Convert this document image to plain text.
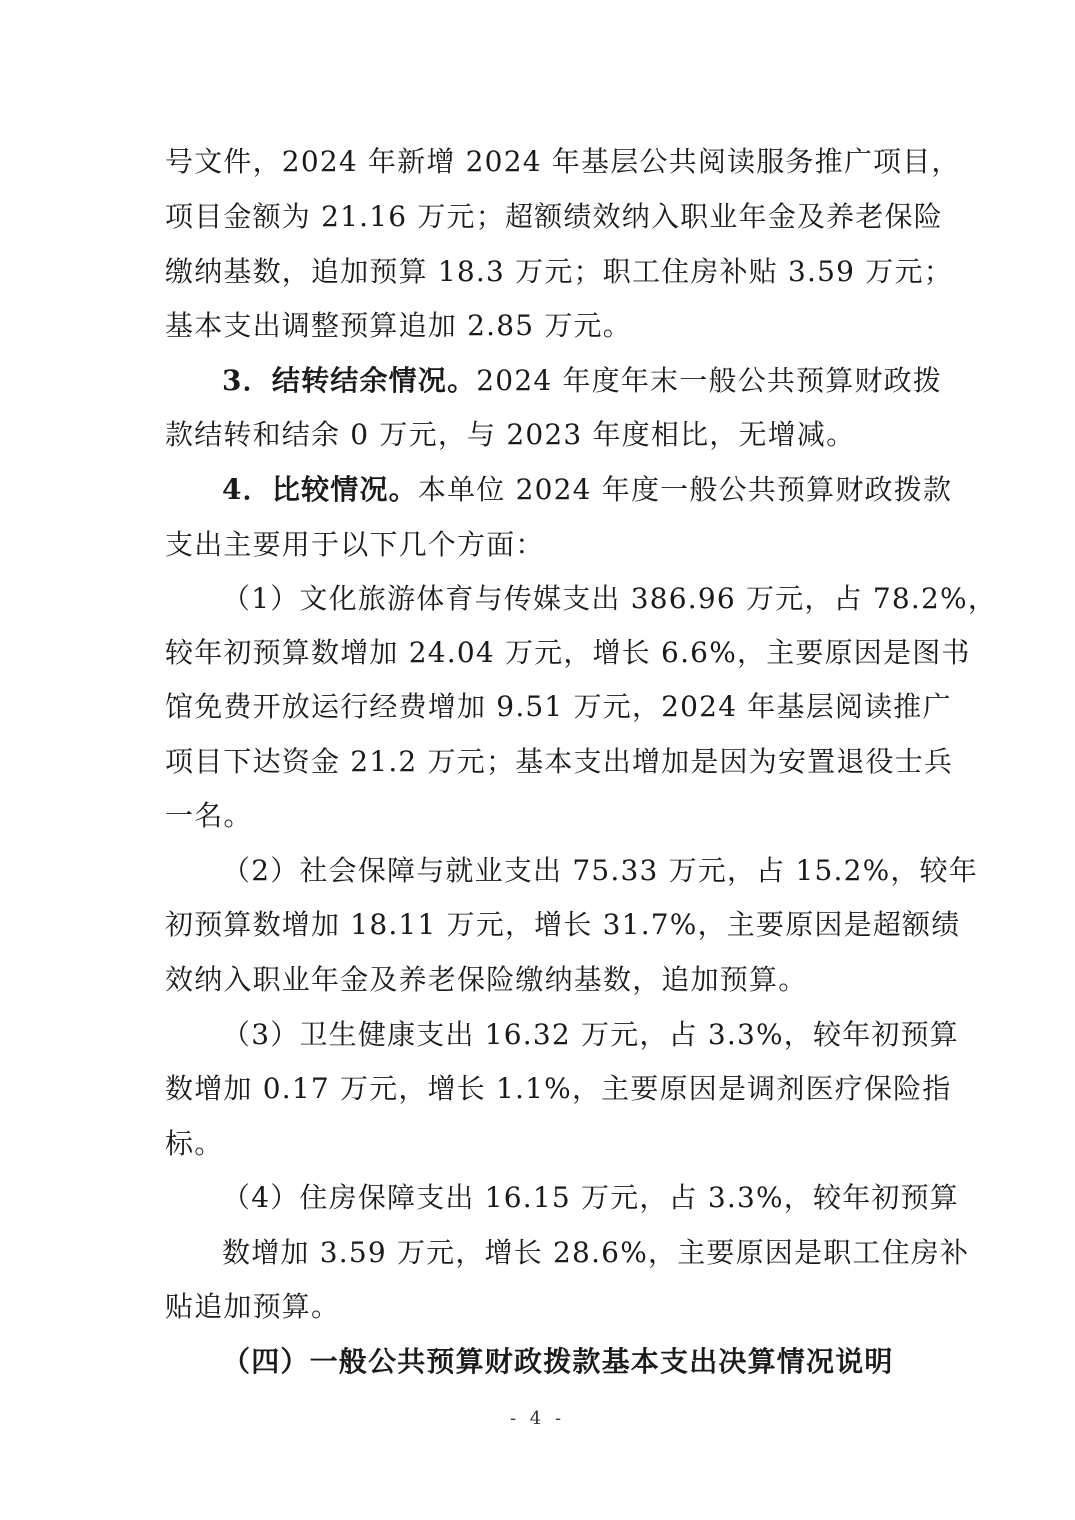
号文件，2024 年新增 2024 年基层公共阅读服务推广项目，
项目金额为 21.16 万元；超额绩效纳入职业年金及养老保险
缴纳基数，追加预算 18.3 万元；职工住房补贴 3.59 万元；
基本支出调整预算追加 2.85 万元。
3．结转结余情况。2024 年度年末一般公共预算财政拨
款结转和结余 0 万元，与 2023 年度相比，无增减。
4．比较情况。本单位 2024 年度一般公共预算财政拨款
支出主要用于以下几个方面：
（1）文化旅游体育与传媒支出 386.96 万元，占 78.2%，
较年初预算数增加 24.04 万元，增长 6.6%，主要原因是图书
馆免费开放运行经费增加 9.51 万元，2024 年基层阅读推广
项目下达资金 21.2 万元；基本支出增加是因为安置退役士兵
一名。
（2）社会保障与就业支出 75.33 万元，占 15.2%，较年
初预算数增加 18.11 万元，增长 31.7%，主要原因是超额绩
效纳入职业年金及养老保险缴纳基数，追加预算。
（3）卫生健康支出 16.32 万元，占 3.3%，较年初预算
数增加 0.17 万元，增长 1.1%，主要原因是调剂医疗保险指
标。
（4）住房保障支出 16.15 万元，占 3.3%，较年初预算
数增加 3.59 万元，增长 28.6%，主要原因是职工住房补
贴追加预算。
（四）一般公共预算财政拨款基本支出决算情况说明
- 4 -
